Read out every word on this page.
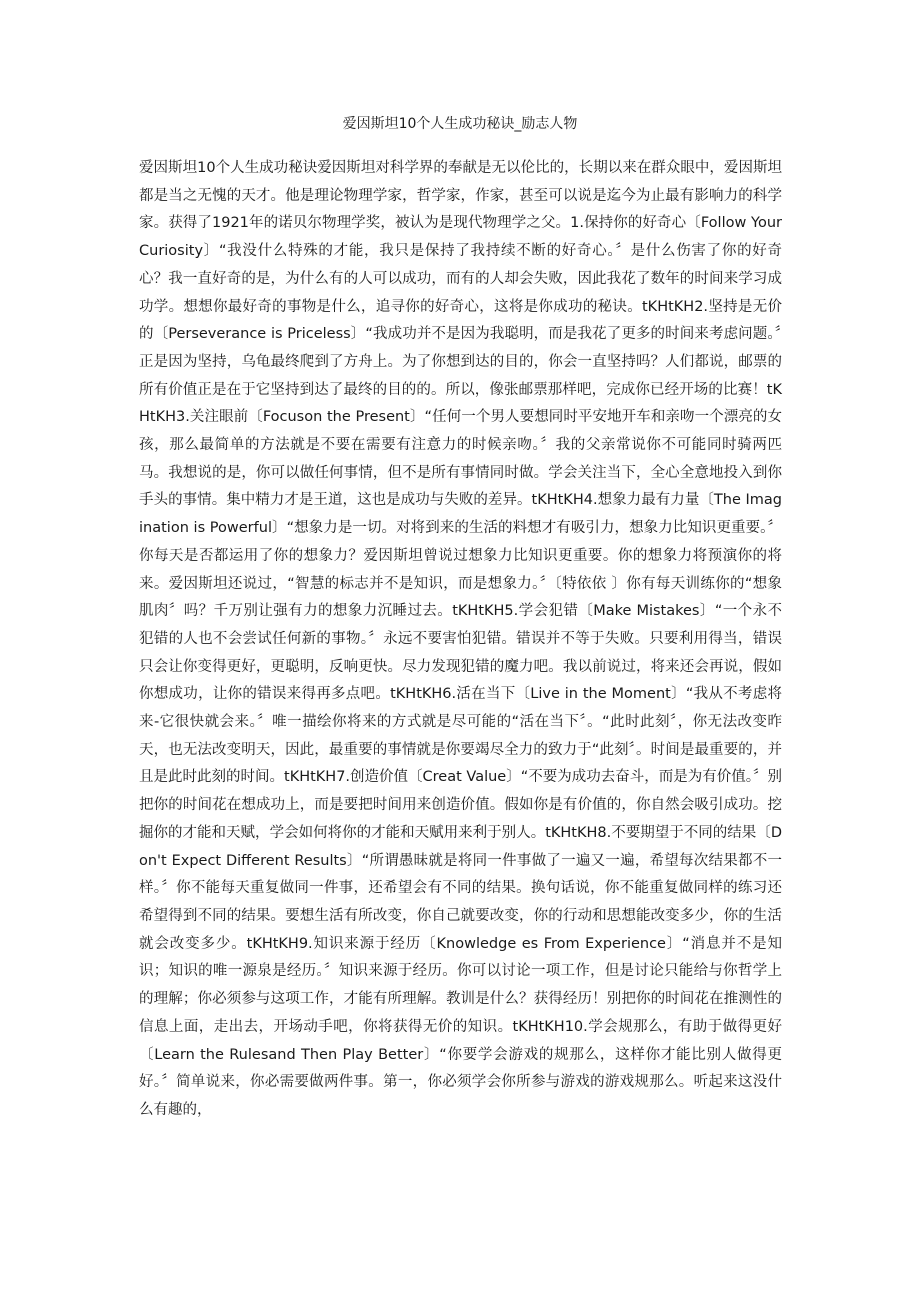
爱因斯坦10个人生成功秘诀_励志人物

爱因斯坦10个人生成功秘诀爱因斯坦对科学界的奉献是无以伦比的，长期以来在群众眼中，爱因斯坦都是当之无愧的天才。他是理论物理学家，哲学家，作家，甚至可以说是迄今为止最有影响力的科学家。获得了1921年的诺贝尔物理学奖，被认为是现代物理学之父。1.保持你的好奇心〔Follow Your Curiosity〕“我没什么特殊的才能，我只是保持了我持续不断的好奇心。〞是什么伤害了你的好奇心？我一直好奇的是，为什么有的人可以成功，而有的人却会失败，因此我花了数年的时间来学习成功学。想想你最好奇的事物是什么，追寻你的好奇心，这将是你成功的秘诀。tKHtKH2.坚持是无价的〔Perseverance is Priceless〕“我成功并不是因为我聪明，而是我花了更多的时间来考虑问题。〞正是因为坚持，乌龟最终爬到了方舟上。为了你想到达的目的，你会一直坚持吗？人们都说，邮票的所有价值正是在于它坚持到达了最终的目的的。所以，像张邮票那样吧，完成你已经开场的比赛！tKHtKH3.关注眼前〔Focuson the Present〕“任何一个男人要想同时平安地开车和亲吻一个漂亮的女孩，那么最简单的方法就是不要在需要有注意力的时候亲吻。〞我的父亲常说你不可能同时骑两匹马。我想说的是，你可以做任何事情，但不是所有事情同时做。学会关注当下，全心全意地投入到你手头的事情。集中精力才是王道，这也是成功与失败的差异。tKHtKH4.想象力最有力量〔The Imagination is Powerful〕“想象力是一切。对将到来的生活的料想才有吸引力，想象力比知识更重要。〞你每天是否都运用了你的想象力？爱因斯坦曾说过想象力比知识更重要。你的想象力将预演你的将来。爱因斯坦还说过，“智慧的标志并不是知识，而是想象力。〞〔特依依 〕你有每天训练你的“想象肌肉〞吗？千万别让强有力的想象力沉睡过去。tKHtKH5.学会犯错〔Make Mistakes〕“一个永不犯错的人也不会尝试任何新的事物。〞永远不要害怕犯错。错误并不等于失败。只要利用得当，错误只会让你变得更好，更聪明，反响更快。尽力发现犯错的魔力吧。我以前说过，将来还会再说，假如你想成功，让你的错误来得再多点吧。tKHtKH6.活在当下〔Live in the Moment〕“我从不考虑将来-它很快就会来。〞唯一描绘你将来的方式就是尽可能的“活在当下〞。“此时此刻〞，你无法改变昨天，也无法改变明天，因此，最重要的事情就是你要竭尽全力的致力于“此刻〞。时间是最重要的，并且是此时此刻的时间。tKHtKH7.创造价值〔Creat Value〕“不要为成功去奋斗，而是为有价值。〞别把你的时间花在想成功上，而是要把时间用来创造价值。假如你是有价值的，你自然会吸引成功。挖掘你的才能和天赋，学会如何将你的才能和天赋用来利于别人。tKHtKH8.不要期望于不同的结果〔Don't Expect Different Results〕“所谓愚昧就是将同一件事做了一遍又一遍，希望每次结果都不一样。〞你不能每天重复做同一件事，还希望会有不同的结果。换句话说，你不能重复做同样的练习还希望得到不同的结果。要想生活有所改变，你自己就要改变，你的行动和思想能改变多少，你的生活就会改变多少。tKHtKH9.知识来源于经历〔Knowledge es From Experience〕“消息并不是知识；知识的唯一源泉是经历。〞知识来源于经历。你可以讨论一项工作，但是讨论只能给与你哲学上的理解；你必须参与这项工作，才能有所理解。教训是什么？获得经历！别把你的时间花在推测性的信息上面，走出去，开场动手吧，你将获得无价的知识。tKHtKH10.学会规那么，有助于做得更好〔Learn the Rulesand Then Play Better〕“你要学会游戏的规那么，这样你才能比别人做得更好。〞简单说来，你必需要做两件事。第一，你必须学会你所参与游戏的游戏规那么。听起来这没什么有趣的，
